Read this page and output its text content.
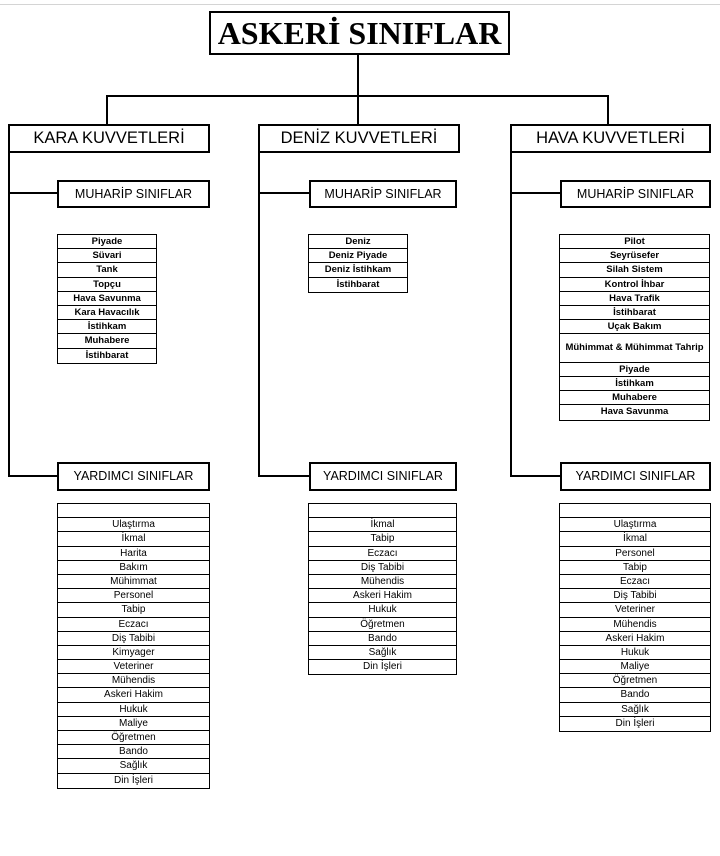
ASKERİ SINIFLAR
KARA KUVVETLERİ
MUHARİP SINIFLAR
Piyade
Süvari
Tank
Topçu
Hava Savunma
Kara Havacılık
İstihkam
Muhabere
İstihbarat
YARDIMCI SINIFLAR
Ulaştırma
İkmal
Harita
Bakım
Mühimmat
Personel
Tabip
Eczacı
Diş Tabibi
Kimyager
Veteriner
Mühendis
Askeri Hakim
Hukuk
Maliye
Öğretmen
Bando
Sağlık
Din İşleri
DENİZ KUVVETLERİ
MUHARİP SINIFLAR
Deniz
Deniz Piyade
Deniz İstihkam
İstihbarat
YARDIMCI SINIFLAR
İkmal
Tabip
Eczacı
Diş Tabibi
Mühendis
Askeri Hakim
Hukuk
Öğretmen
Bando
Sağlık
Din İşleri
HAVA KUVVETLERİ
MUHARİP SINIFLAR
Pilot
Seyrüsefer
Silah Sistem
Kontrol İhbar
Hava Trafik
İstihbarat
Uçak Bakım
Mühimmat & Mühimmat Tahrip
Piyade
İstihkam
Muhabere
Hava Savunma
YARDIMCI SINIFLAR
Ulaştırma
İkmal
Personel
Tabip
Eczacı
Diş Tabibi
Veteriner
Mühendis
Askeri Hakim
Hukuk
Maliye
Öğretmen
Bando
Sağlık
Din İşleri
